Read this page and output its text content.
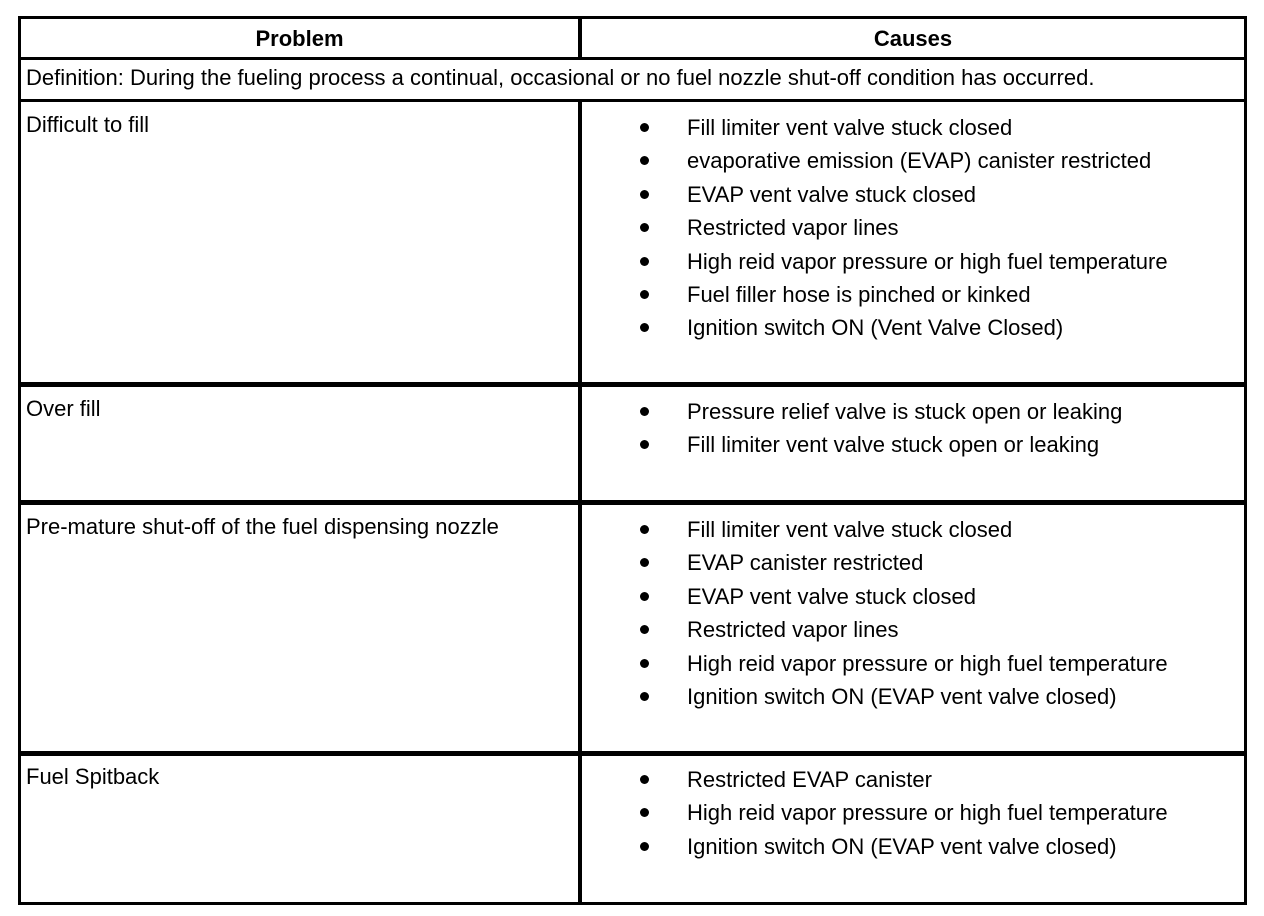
Problem	Causes
Definition: During the fueling process a continual, occasional or no fuel nozzle shut-off condition has occurred.
Difficult to fill	Fill limiter vent valve stuck closed
evaporative emission (EVAP) canister restricted
EVAP vent valve stuck closed
Restricted vapor lines
High reid vapor pressure or high fuel temperature
Fuel filler hose is pinched or kinked
Ignition switch ON (Vent Valve Closed)
Over fill	Pressure relief valve is stuck open or leaking
Fill limiter vent valve stuck open or leaking
Pre-mature shut-off of the fuel dispensing nozzle	Fill limiter vent valve stuck closed
EVAP canister restricted
EVAP vent valve stuck closed
Restricted vapor lines
High reid vapor pressure or high fuel temperature
Ignition switch ON (EVAP vent valve closed)
Fuel Spitback	Restricted EVAP canister
High reid vapor pressure or high fuel temperature
Ignition switch ON (EVAP vent valve closed)
